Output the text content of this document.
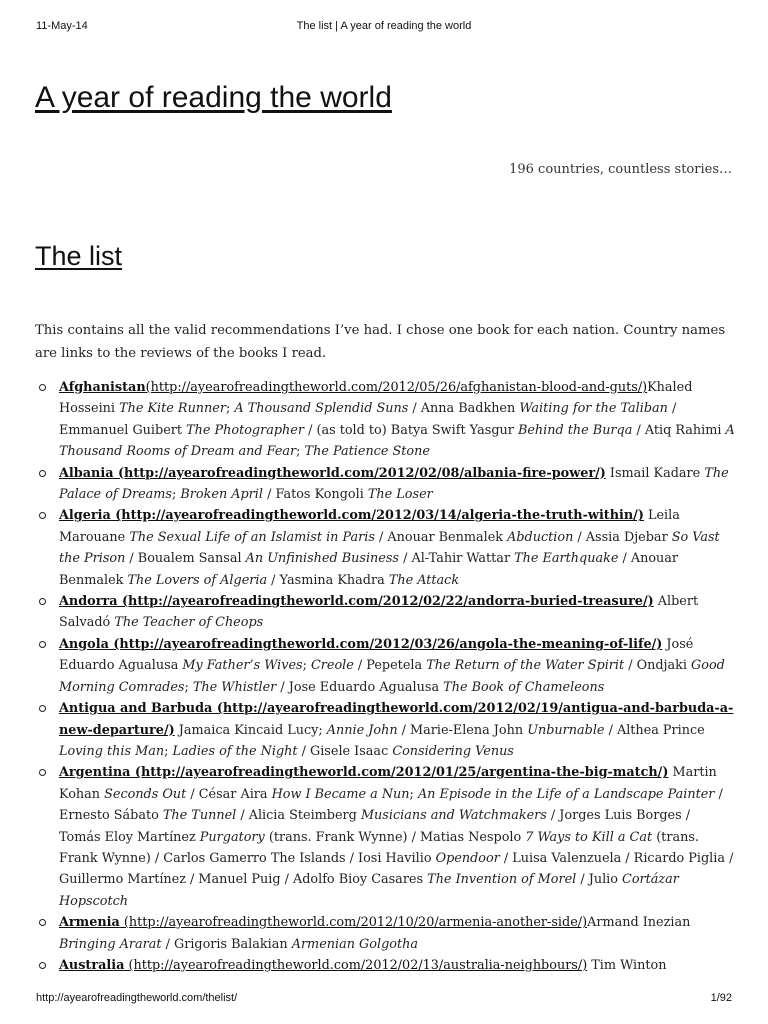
11-May-14	The list | A year of reading the world
A year of reading the world
196 countries, countless stories…
The list

This contains all the valid recommendations I’ve had. I chose one book for each nation. Country names are links to the reviews of the books I read.

Afghanistan(http://ayearofreadingtheworld.com/2012/05/26/afghanistan-blood-and-guts/)Khaled Hosseini The Kite Runner; A Thousand Splendid Suns / Anna Badkhen Waiting for the Taliban / Emmanuel Guibert The Photographer / (as told to) Batya Swift Yasgur Behind the Burqa / Atiq Rahimi A Thousand Rooms of Dream and Fear; The Patience Stone
Albania (http://ayearofreadingtheworld.com/2012/02/08/albania-fire-power/) Ismail Kadare The Palace of Dreams; Broken April / Fatos Kongoli The Loser
Algeria (http://ayearofreadingtheworld.com/2012/03/14/algeria-the-truth-within/) Leila Marouane The Sexual Life of an Islamist in Paris / Anouar Benmalek Abduction / Assia Djebar So Vast the Prison / Boualem Sansal An Unfinished Business / Al-Tahir Wattar The Earthquake / Anouar Benmalek The Lovers of Algeria / Yasmina Khadra The Attack
Andorra (http://ayearofreadingtheworld.com/2012/02/22/andorra-buried-treasure/) Albert Salvadó The Teacher of Cheops
Angola (http://ayearofreadingtheworld.com/2012/03/26/angola-the-meaning-of-life/) José Eduardo Agualusa My Father’s Wives; Creole / Pepetela The Return of the Water Spirit / Ondjaki Good Morning Comrades; The Whistler / Jose Eduardo Agualusa The Book of Chameleons
Antigua and Barbuda (http://ayearofreadingtheworld.com/2012/02/19/antigua-and-barbuda-a-new-departure/) Jamaica Kincaid Lucy; Annie John / Marie-Elena John Unburnable / Althea Prince Loving this Man; Ladies of the Night / Gisele Isaac Considering Venus
Argentina (http://ayearofreadingtheworld.com/2012/01/25/argentina-the-big-match/) Martin Kohan Seconds Out / César Aira How I Became a Nun; An Episode in the Life of a Landscape Painter / Ernesto Sábato The Tunnel / Alicia Steimberg Musicians and Watchmakers / Jorges Luis Borges / Tomás Eloy Martínez Purgatory (trans. Frank Wynne) / Matias Nespolo 7 Ways to Kill a Cat (trans. Frank Wynne) / Carlos Gamerro The Islands / Iosi Havilio Opendoor / Luisa Valenzuela / Ricardo Piglia / Guillermo Martínez / Manuel Puig / Adolfo Bioy Casares The Invention of Morel / Julio Cortázar Hopscotch
Armenia (http://ayearofreadingtheworld.com/2012/10/20/armenia-another-side/)Armand Inezian Bringing Ararat / Grigoris Balakian Armenian Golgotha
Australia (http://ayearofreadingtheworld.com/2012/02/13/australia-neighbours/) Tim Winton
http://ayearofreadingtheworld.com/thelist/	1/92
